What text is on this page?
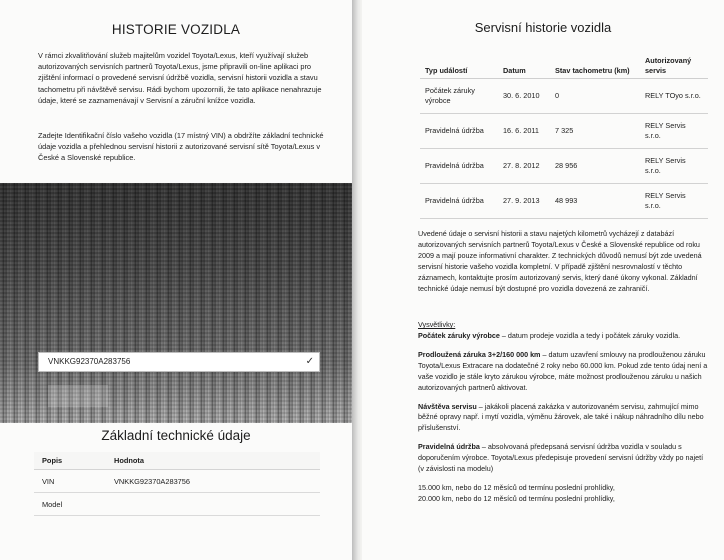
HISTORIE VOZIDLA
V rámci zkvalitňování služeb majitelům vozidel Toyota/Lexus, kteří využívají služeb autorizovaných servisních partnerů Toyota/Lexus, jsme připravili on-line aplikaci pro zjištění informací o provedené servisní údržbě vozidla, servisní historii vozidla a stavu tachometru při návštěvě servisu. Rádi bychom upozornili, že tato aplikace nenahrazuje údaje, které se zaznamenávají v Servisní a záruční knížce vozidla.
Zadejte Identifikační číslo vašeho vozidla (17 místný VIN) a obdržíte základní technické údaje vozidla a přehlednou servisní historii z autorizované servisní sítě Toyota/Lexus v České a Slovenské republice.
VNKKG92370A283756	✓
Základní technické údaje
Popis	Hodnota
VIN	VNKKG92370A283756
Model	
Servisní historie vozidla
Typ událostí	Datum	Stav tachometru (km)	Autorizovaný servis
Počátek záruky výrobce	30. 6. 2010	0	RELY TOyo s.r.o.
Pravidelná údržba	16. 6. 2011	7 325	RELY Servis s.r.o.
Pravidelná údržba	27. 8. 2012	28 956	RELY Servis s.r.o.
Pravidelná údržba	27. 9. 2013	48 993	RELY Servis s.r.o.
Uvedené údaje o servisní historii a stavu najetých kilometrů vycházejí z databází autorizovaných servisních partnerů Toyota/Lexus v České a Slovenské republice od roku 2009 a mají pouze informativní charakter. Z technických důvodů nemusí být zde uvedená servisní historie vašeho vozidla kompletní. V případě zjištění nesrovnalostí v těchto záznamech, kontaktujte prosím autorizovaný servis, který dané úkony vykonal. Základní technické údaje nemusí být dostupné pro vozidla dovezená ze zahraničí.
Vysvětlivky:

Počátek záruky výrobce – datum prodeje vozidla a tedy i počátek záruky vozidla.

Prodloužená záruka 3+2/160 000 km – datum uzavření smlouvy na prodlouženou záruku Toyota/Lexus Extracare na dodatečné 2 roky nebo 60.000 km. Pokud zde tento údaj není a vaše vozidlo je stále kryto zárukou výrobce, máte možnost prodlouženou záruku u našich autorizovaných partnerů aktivovat.

Návštěva servisu – jakákoli placená zakázka v autorizovaném servisu, zahrnující mimo běžné opravy např. i mytí vozidla, výměnu žárovek, ale také i nákup náhradního dílu nebo příslušenství.

Pravidelná údržba – absolvovaná předepsaná servisní údržba vozidla v souladu s doporučením výrobce. Toyota/Lexus předepisuje provedení servisní údržby vždy po najetí (v závislosti na modelu)

15.000 km, nebo do 12 měsíců od termínu poslední prohlídky,

20.000 km, nebo do 12 měsíců od termínu poslední prohlídky,
